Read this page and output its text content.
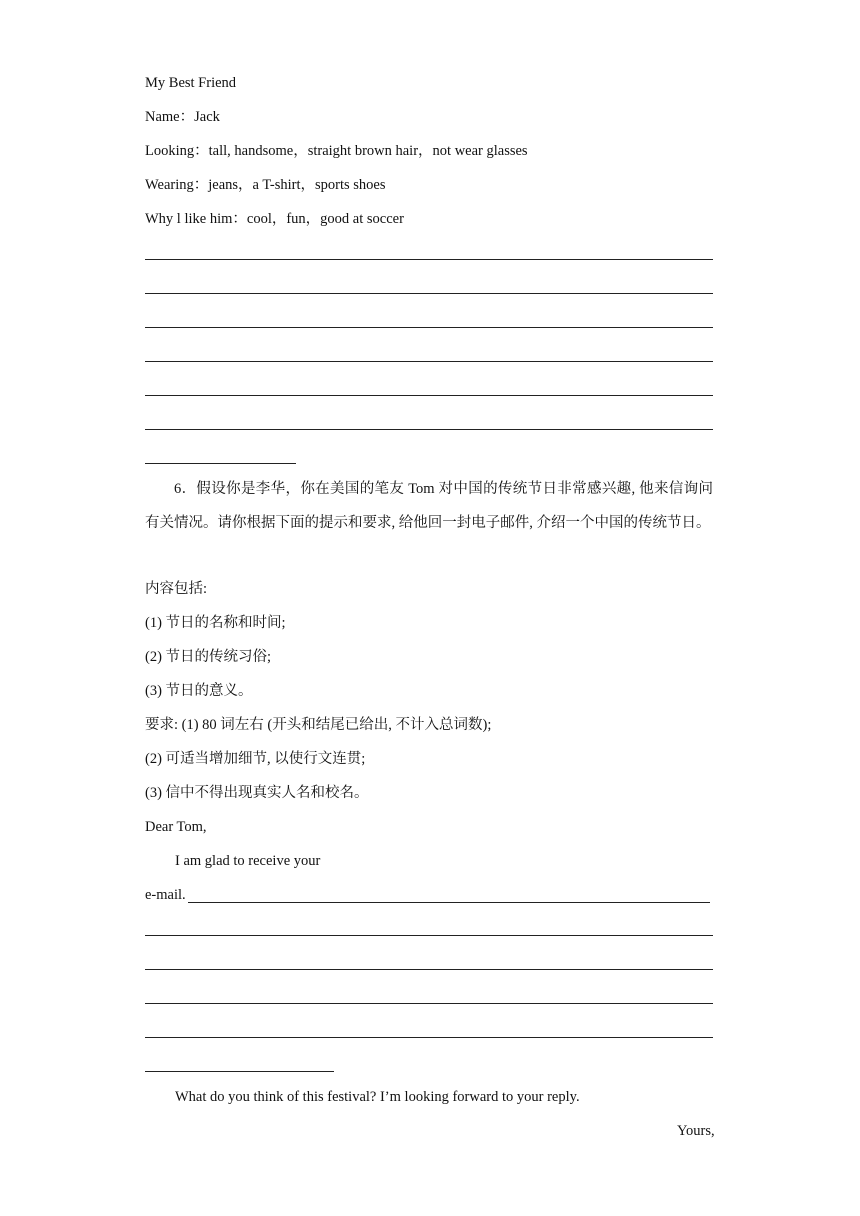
My Best Friend
Name：Jack
Looking：tall, handsome，straight brown hair，not wear glasses
Wearing：jeans，a T-shirt，sports shoes
Why l like him：cool，fun，good at soccer
6．假设你是李华，你在美国的笔友 Tom 对中国的传统节日非常感兴趣, 他来信询问有关情况。请你根据下面的提示和要求, 给他回一封电子邮件, 介绍一个中国的传统节日。
内容包括:
(1) 节日的名称和时间;
(2) 节日的传统习俗;
(3) 节日的意义。
要求: (1) 80 词左右 (开头和结尾已给出, 不计入总词数);
(2) 可适当增加细节, 以使行文连贯;
(3) 信中不得出现真实人名和校名。
Dear Tom,
I am glad to receive your
e-mail.
What do you think of this festival? I’m looking forward to your reply.
Yours,
